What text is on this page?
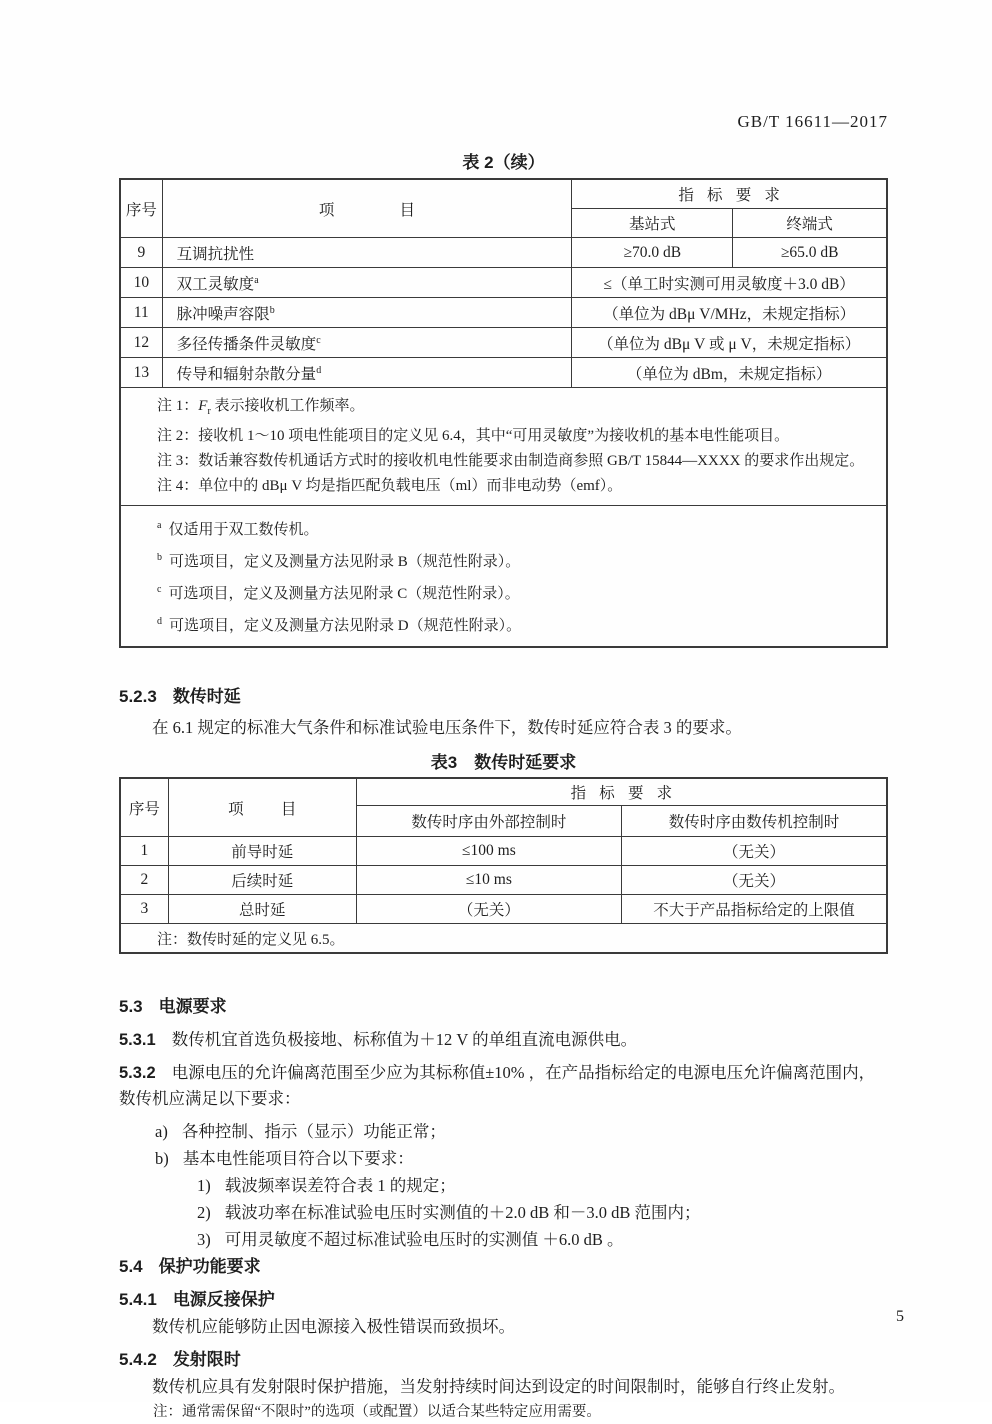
GB/T 16611—2017
表 2（续）
序号	项目	指标要求	
		基站式	终端式
9	互调抗扰性	≥70.0 dB	≥65.0 dB
10	双工灵敏度$^a$	≤（单工时实测可用灵敏度＋3.0 dB）	
11	脉冲噪声容限$^b$	（单位为 dBμ V/MHz，未规定指标）	
12	多径传播条件灵敏度$^c$	（单位为 dBμ V 或 μ V，未规定指标）	
13	传导和辐射杂散分量$^d$	（单位为 dBm，未规定指标）	

注 1：$F_r$ 表示接收机工作频率。
注 2：接收机 1～10 项电性能项目的定义见 6.4，其中“可用灵敏度”为接收机的基本电性能项目。
注 3：数话兼容数传机通话方式时的接收机电性能要求由制造商参照 GB/T 15844—XXXX 的要求作出规定。
注 4：单位中的 dBμ V 均是指匹配负载电压（ml）而非电动势（emf）。			

$^a$ 仅适用于双工数传机。
$^b$ 可选项目，定义及测量方法见附录 B（规范性附录）。
$^c$ 可选项目，定义及测量方法见附录 C（规范性附录）。
$^d$ 可选项目，定义及测量方法见附录 D（规范性附录）。			
5.2.3 数传时延

在 6.1 规定的标准大气条件和标准试验电压条件下，数传时延应符合表 3 的要求。

表3　数传时延要求
序号	项目	指标要求	
		数传时序由外部控制时	数传时序由数传机控制时
1	前导时延	≤100 ms	（无关）
2	后续时延	≤10 ms	（无关）
3	总时延	（无关）	不大于产品指标给定的上限值
注：数传时延的定义见 6.5。			
5.3 电源要求

5.3.1 数传机宜首选负极接地、标称值为＋12 V 的单组直流电源供电。

5.3.2 电源电压的允许偏离范围至少应为其标称值±10% ，在产品指标给定的电源电压允许偏离范围内，数传机应满足以下要求：

a) 各种控制、指示（显示）功能正常；

b) 基本电性能项目符合以下要求：

1) 载波频率误差符合表 1 的规定；

2) 载波功率在标准试验电压时实测值的＋2.0 dB 和－3.0 dB 范围内；

3) 可用灵敏度不超过标准试验电压时的实测值 ＋6.0 dB 。

5.4 保护功能要求
5.4.1 电源反接保护

数传机应能够防止因电源接入极性错误而致损坏。

5.4.2 发射限时

数传机应具有发射限时保护措施，当发射持续时间达到设定的时间限制时，能够自行终止发射。

注：通常需保留“不限时”的选项（或配置）以适合某些特定应用需要。

5
